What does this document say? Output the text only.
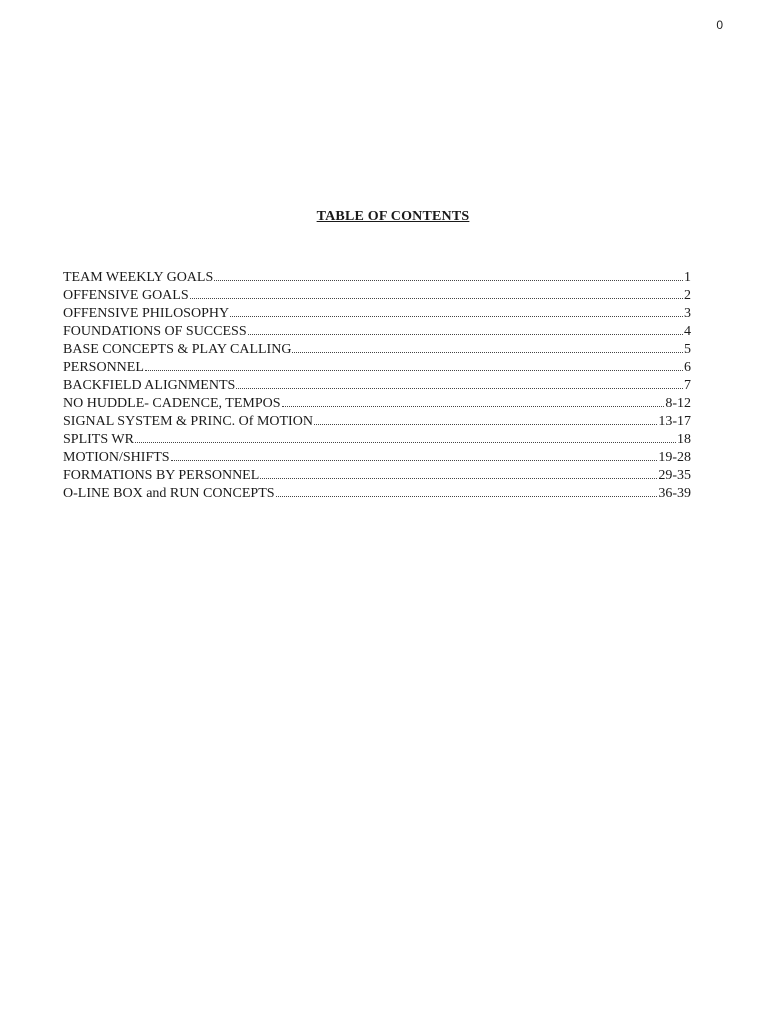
0
TABLE OF CONTENTS
TEAM WEEKLY GOALS	1
OFFENSIVE GOALS	2
OFFENSIVE PHILOSOPHY	3
FOUNDATIONS OF SUCCESS	4
BASE CONCEPTS & PLAY CALLING	5
PERSONNEL	6
BACKFIELD ALIGNMENTS	7
NO HUDDLE- CADENCE, TEMPOS	8-12
SIGNAL SYSTEM & PRINC. Of MOTION	13-17
SPLITS WR	18
MOTION/SHIFTS	19-28
FORMATIONS BY PERSONNEL	29-35
O-LINE BOX and RUN CONCEPTS	36-39
